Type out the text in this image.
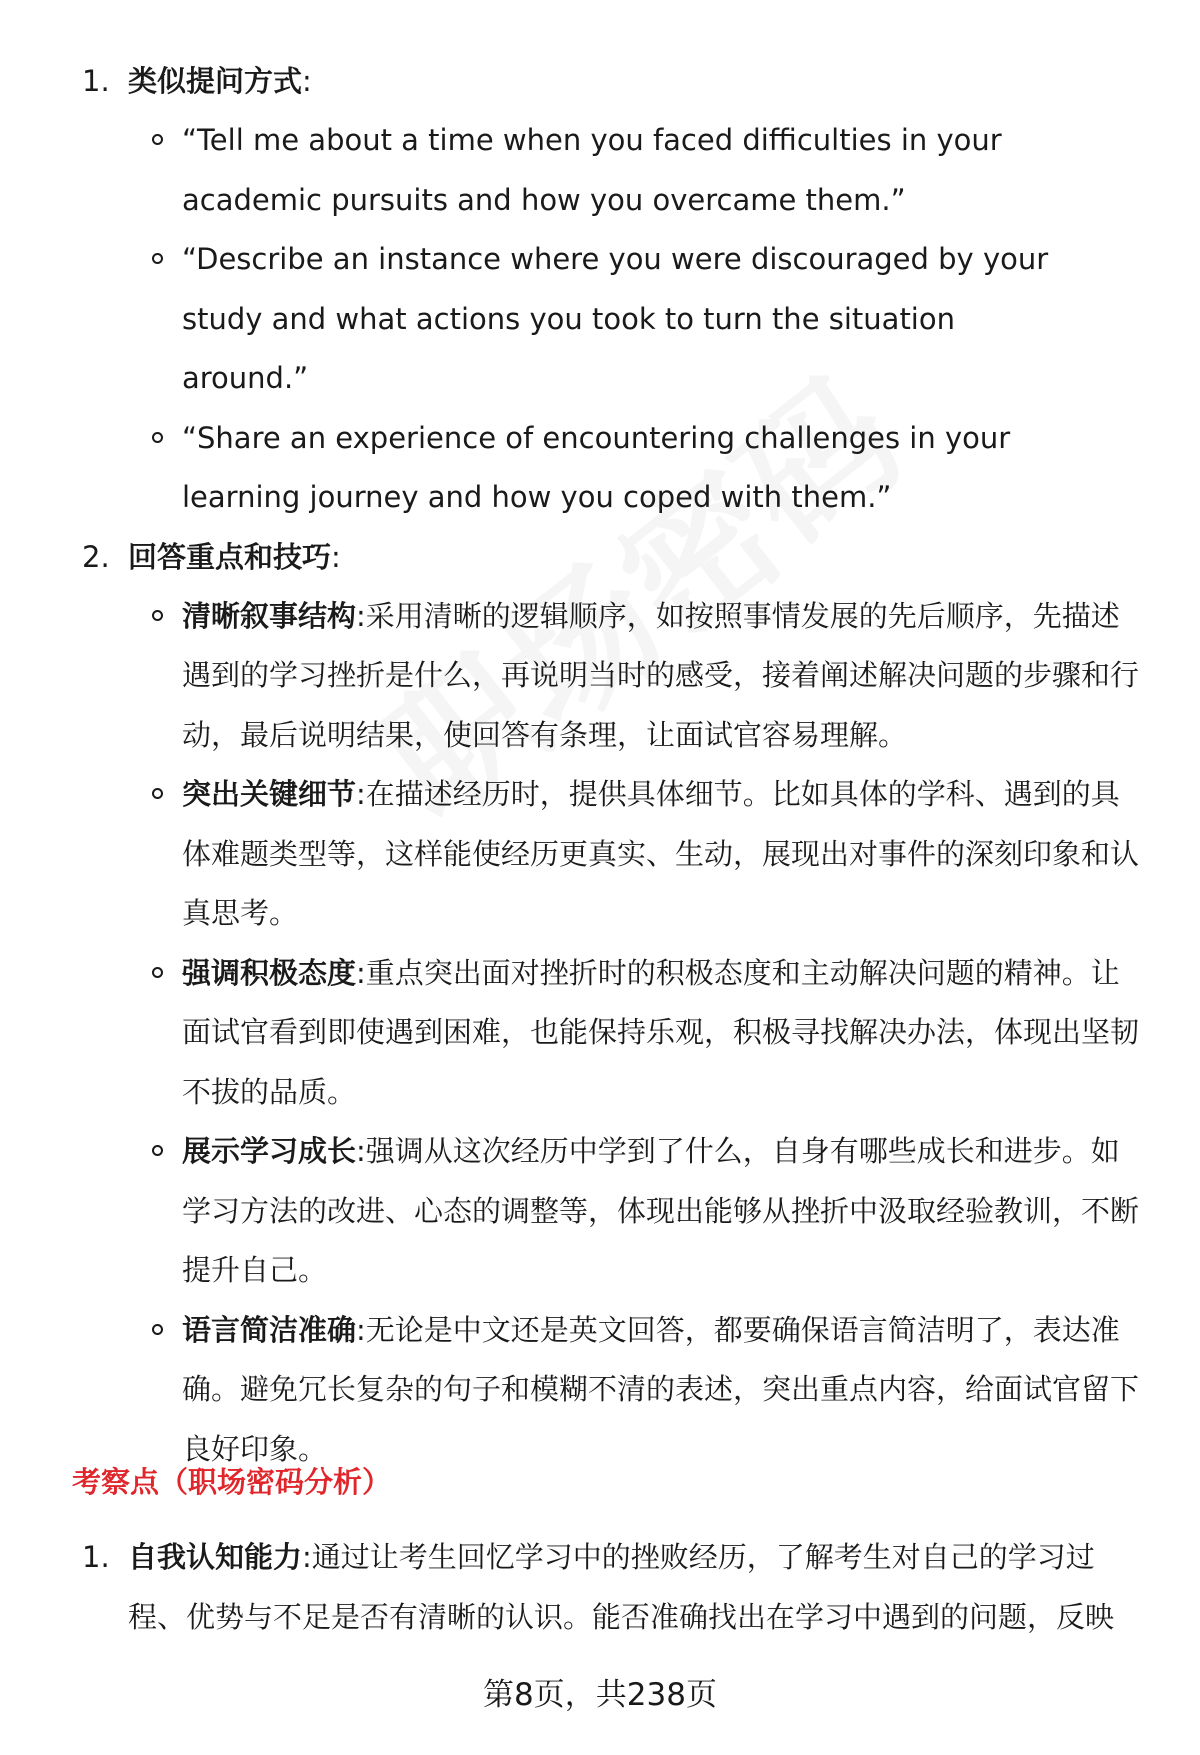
1. 类似提问方式:
“Tell me about a time when you faced difficulties in your academic pursuits and how you overcame them.”
“Describe an instance where you were discouraged by your study and what actions you took to turn the situation around.”
“Share an experience of encountering challenges in your learning journey and how you coped with them.”
2. 回答重点和技巧:
清晰叙事结构:采用清晰的逻辑顺序，如按照事情发展的先后顺序，先描述遇到的学习挫折是什么，再说明当时的感受，接着阐述解决问题的步骤和行动，最后说明结果，使回答有条理，让面试官容易理解。
突出关键细节:在描述经历时，提供具体细节。比如具体的学科、遇到的具体难题类型等，这样能使经历更真实、生动，展现出对事件的深刻印象和认真思考。
强调积极态度:重点突出面对挫折时的积极态度和主动解决问题的精神。让面试官看到即使遇到困难，也能保持乐观，积极寻找解决办法，体现出坚韧不拔的品质。
展示学习成长:强调从这次经历中学到了什么，自身有哪些成长和进步。如学习方法的改进、心态的调整等，体现出能够从挫折中汲取经验教训，不断提升自己。
语言简洁准确:无论是中文还是英文回答，都要确保语言简洁明了，表达准确。避免冗长复杂的句子和模糊不清的表述，突出重点内容，给面试官留下良好印象。
考察点（职场密码分析）
1. 自我认知能力:通过让考生回忆学习中的挫败经历，了解考生对自己的学习过程、优势与不足是否有清晰的认识。能否准确找出在学习中遇到的问题，反映
第8页，共238页
